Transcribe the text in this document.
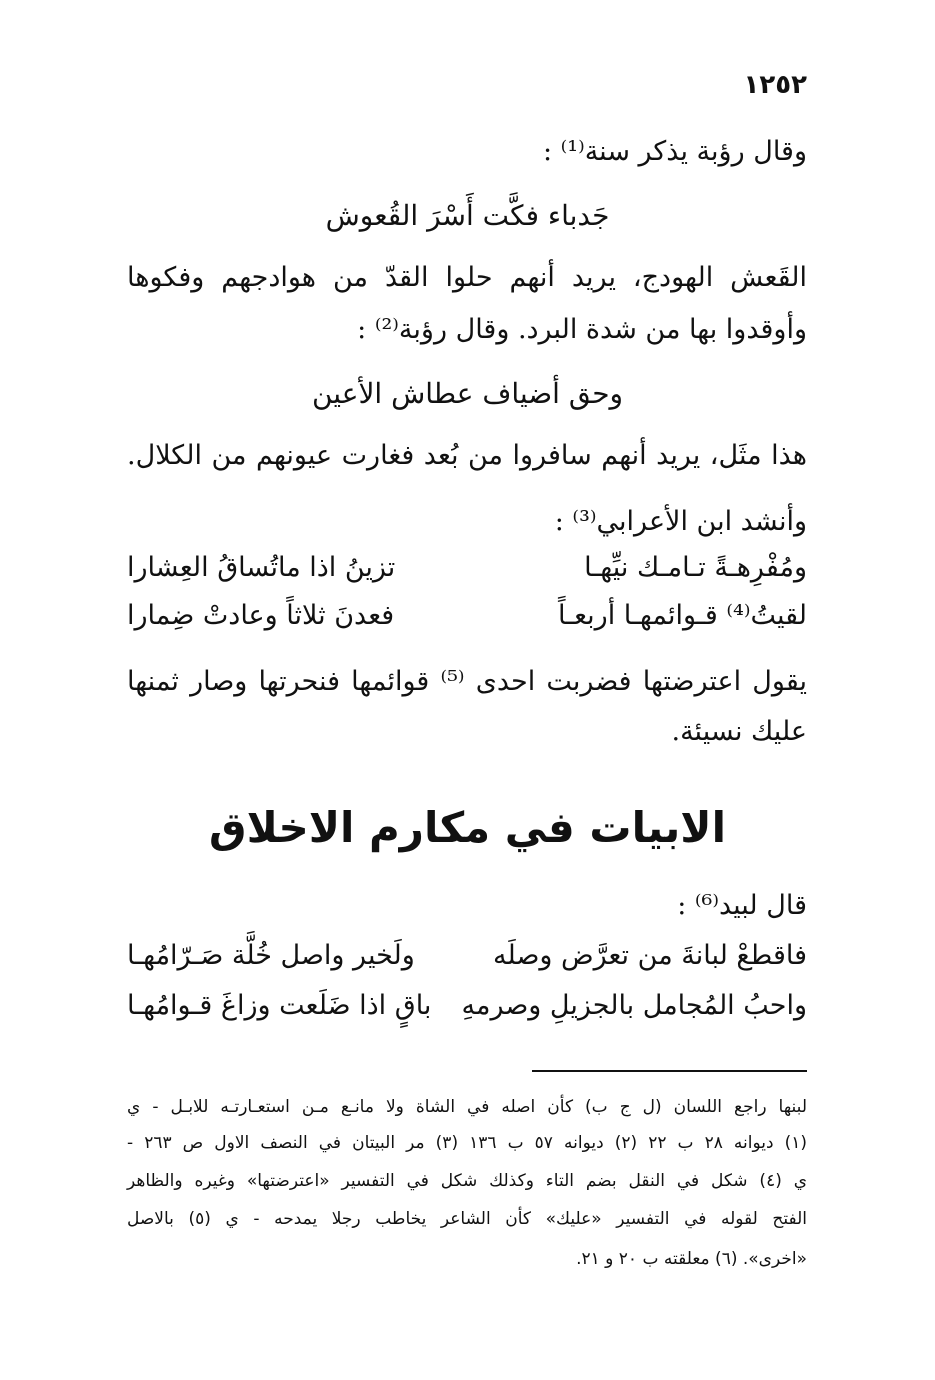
١٢٥٢
وقال رؤبة يذكر سنة⁽¹⁾ :
جَدباء فكَّت أَسْرَ القُعوش
القَعش الهودج، يريد أنهم حلوا القدّ من هوادجهم وفكوها
وأوقدوا بها من شدة البرد. وقال رؤبة⁽²⁾ :
وحق أضياف عطاش الأعين
هذا مثَل، يريد أنهم سافروا من بُعد فغارت عيونهم من الكلال.
وأنشد ابن الأعرابي⁽³⁾ :
ومُفْرِهـةً تـامـك نيِّهـا
تزينُ اذا ماتُساقُ العِشارا
لقيتُ⁽⁴⁾ قـوائمهـا أربعـاً
فعدنَ ثلاثاً وعادتْ ضِمارا
يقول اعترضتها فضربت احدى ⁽⁵⁾ قوائمها فنحرتها وصار ثمنها
عليك نسيئة.
الابيات في مكارم الاخلاق
قال لبيد⁽⁶⁾ :
فاقطعْ لبانةَ من تعرَّض وصلَه
ولَخير واصل خُلَّة صَـرّامُهـا
واحبُ المُجامل بالجزيلِ وصرمهِ
باقٍ اذا ضَلَعت وزاغَ قـوامُهـا
لبنها راجع اللسان (ل ج ب) كأن اصله في الشاة ولا مانـع مـن استعـارتـه للابـل - ي
(١) ديوانه ٢٨ ب ٢٢ (٢) ديوانه ٥٧ ب ١٣٦ (٣) مر البيتان في النصف الاول ص ٢٦٣ -
ي (٤) شكل في النقل بضم التاء وكذلك شكل في التفسير «اعترضتها» وغيره والظاهر
الفتح لقوله في التفسير «عليك» كأن الشاعر يخاطب رجلا يمدحه - ي (٥) بالاصل
«اخرى». (٦) معلقته ب ٢٠ و ٢١.
